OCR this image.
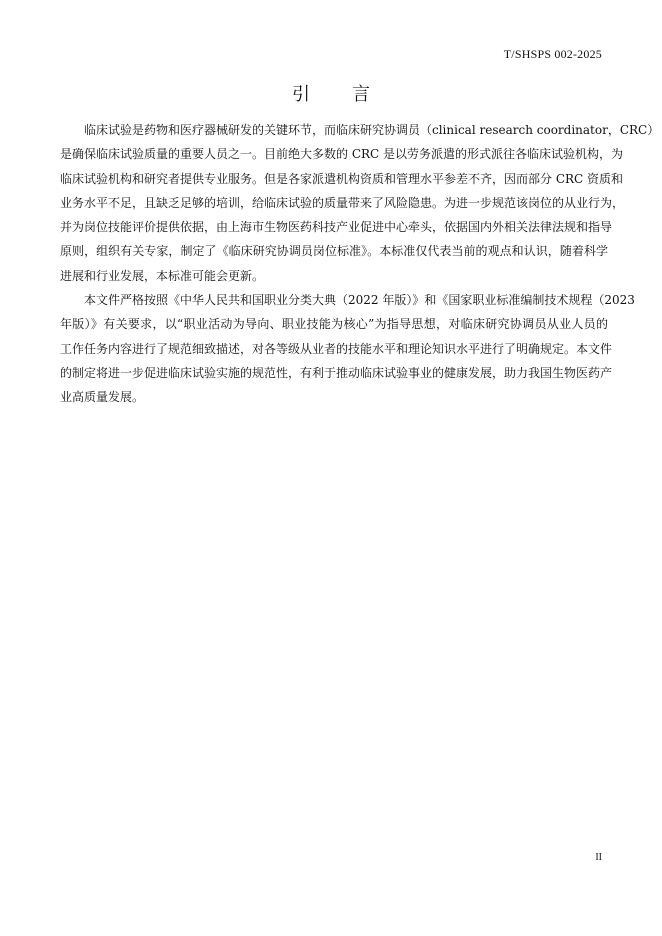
T/SHSPS 002-2025
引 言
临床试验是药物和医疗器械研发的关键环节，而临床研究协调员（clinical research coordinator，CRC）
是确保临床试验质量的重要人员之一。目前绝大多数的 CRC 是以劳务派遣的形式派往各临床试验机构，为
临床试验机构和研究者提供专业服务。但是各家派遣机构资质和管理水平参差不齐，因而部分 CRC 资质和
业务水平不足，且缺乏足够的培训，给临床试验的质量带来了风险隐患。为进一步规范该岗位的从业行为，
并为岗位技能评价提供依据，由上海市生物医药科技产业促进中心牵头，依据国内外相关法律法规和指导
原则，组织有关专家，制定了《临床研究协调员岗位标准》。本标准仅代表当前的观点和认识，随着科学
进展和行业发展，本标准可能会更新。
本文件严格按照《中华人民共和国职业分类大典（2022 年版）》和《国家职业标准编制技术规程（2023
年版）》有关要求，以“职业活动为导向、职业技能为核心”为指导思想，对临床研究协调员从业人员的
工作任务内容进行了规范细致描述，对各等级从业者的技能水平和理论知识水平进行了明确规定。本文件
的制定将进一步促进临床试验实施的规范性，有利于推动临床试验事业的健康发展，助力我国生物医药产
业高质量发展。
II
